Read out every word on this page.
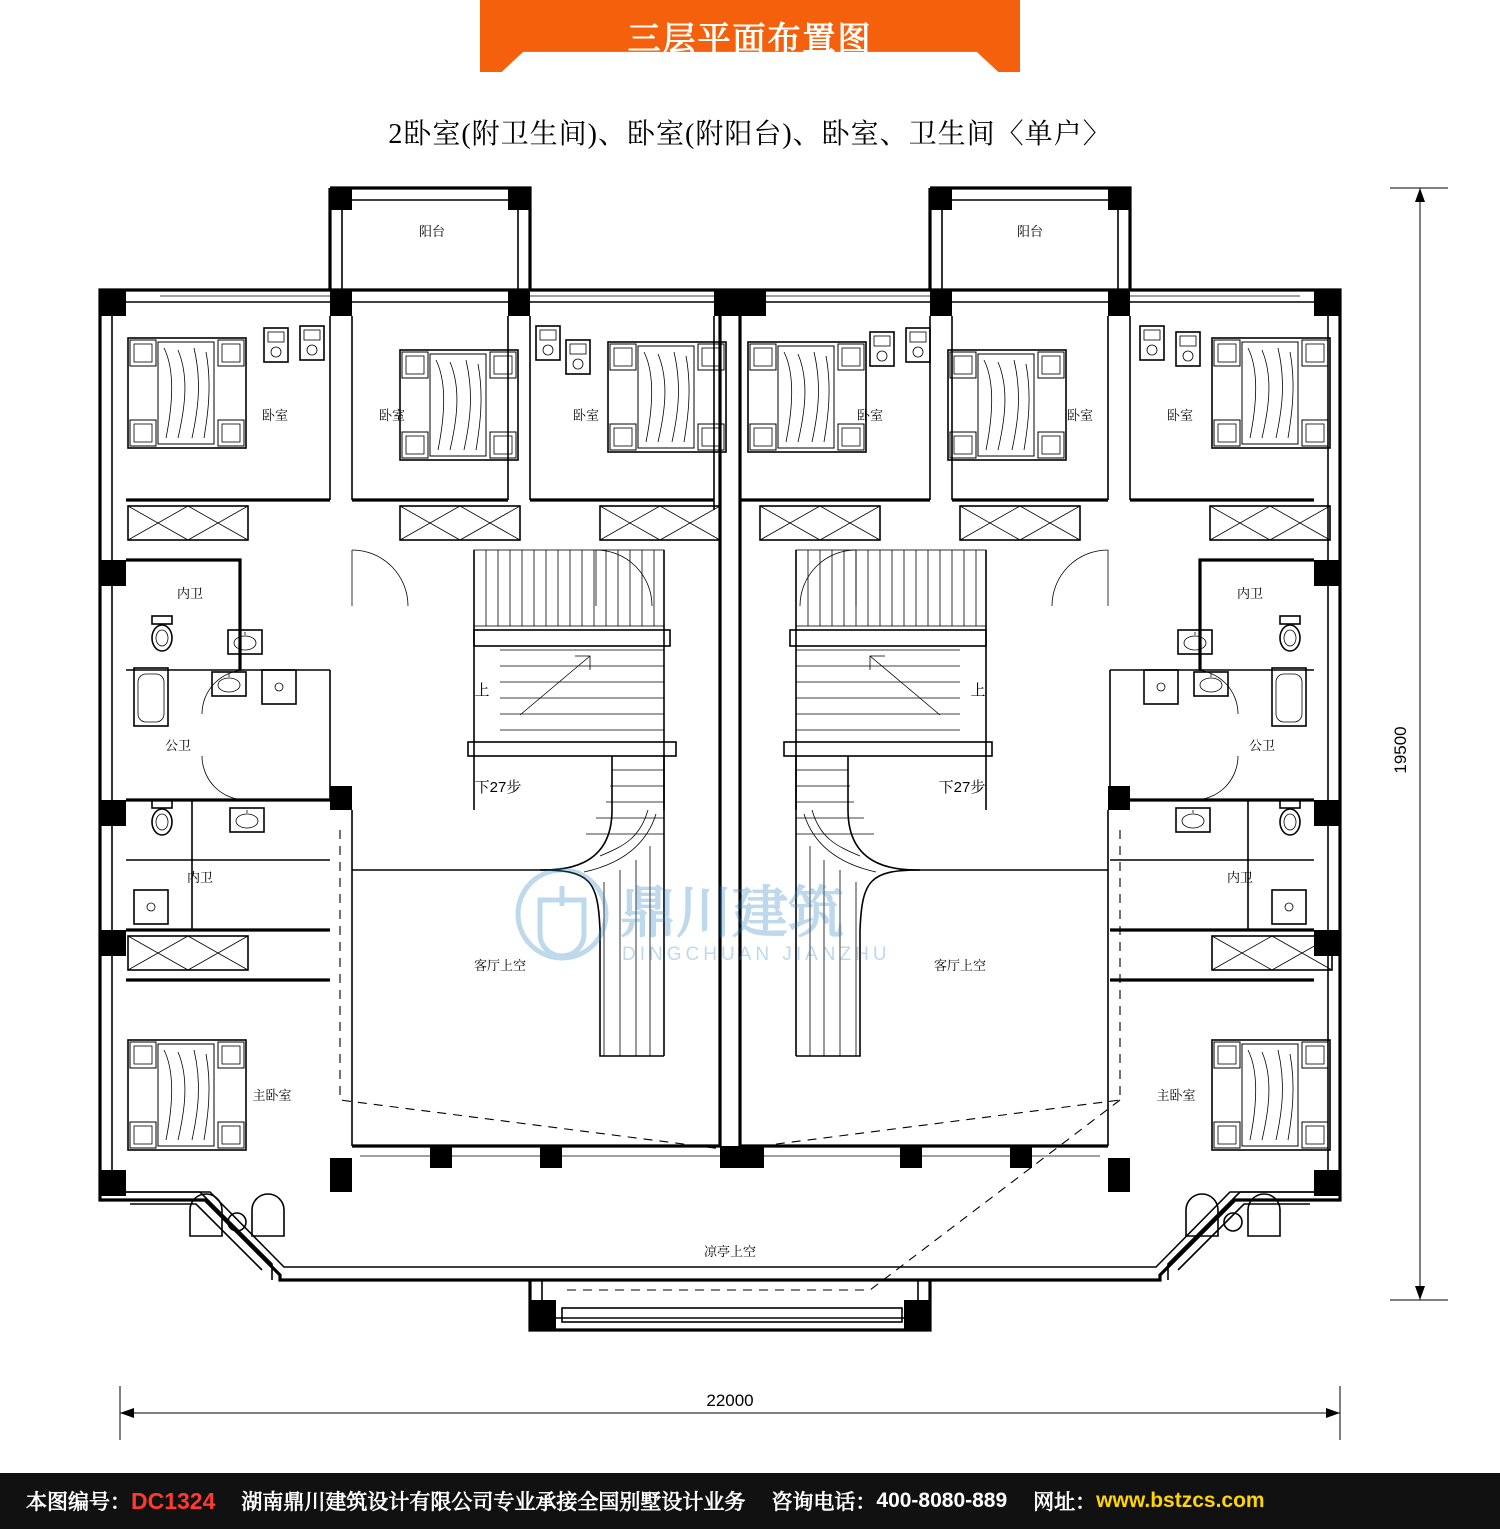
三层平面布置图
2卧室(附卫生间)、卧室(附阳台)、卧室、卫生间〈单户〉
阳台	阳台
卧室	卧室	卧室	卧室	卧室	卧室
内卫
公卫
内卫
内卫
公卫
内卫
主卧室	主卧室
上
下27步
上
下27步
客厅上空	客厅上空
凉亭上空
19500
22000
鼎川建筑
DINGCHUAN JIANZHU
本图编号： DC1324	湖南鼎川建筑设计有限公司专业承接全国别墅设计业务	咨询电话： 400-8080-889	网址： www.bstzcs.com
